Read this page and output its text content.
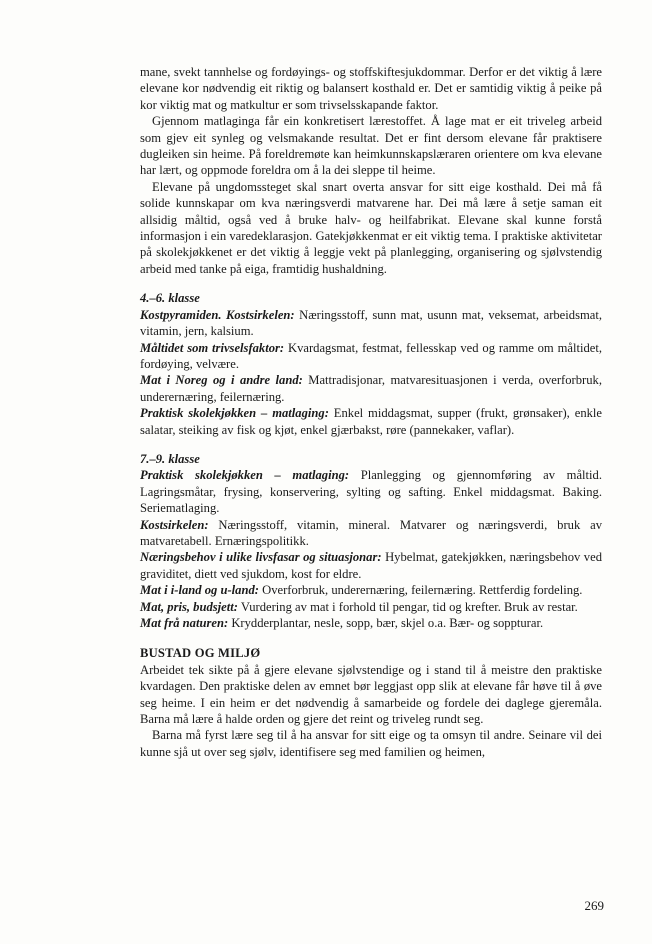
mane, svekt tannhelse og fordøyings- og stoffskiftesjukdommar. Derfor er det viktig å lære elevane kor nødvendig eit riktig og balansert kosthald er. Det er samtidig viktig å peike på kor viktig mat og matkultur er som trivselsskapande faktor.

Gjennom matlaginga får ein konkretisert lærestoffet. Å lage mat er eit triveleg arbeid som gjev eit synleg og velsmakande resultat. Det er fint dersom elevane får praktisere dugleiken sin heime. På foreldremøte kan heimkunnskapslæraren orientere om kva elevane har lært, og oppmode foreldra om å la dei sleppe til heime.

Elevane på ungdomssteget skal snart overta ansvar for sitt eige kosthald. Dei må få solide kunnskapar om kva næringsverdi matvarene har. Dei må lære å setje saman eit allsidig måltid, også ved å bruke halv- og heilfabrikat. Elevane skal kunne forstå informasjon i ein varedeklarasjon. Gatekjøkkenmat er eit viktig tema. I praktiske aktivitetar på skolekjøkkenet er det viktig å leggje vekt på planlegging, organisering og sjølvstendig arbeid med tanke på eiga, framtidig hushaldning.

4.–6. klasse

Kostpyramiden. Kostsirkelen: Næringsstoff, sunn mat, usunn mat, veksemat, arbeidsmat, vitamin, jern, kalsium.

Måltidet som trivselsfaktor: Kvardagsmat, festmat, fellesskap ved og ramme om måltidet, fordøying, velvære.

Mat i Noreg og i andre land: Mattradisjonar, matvaresituasjonen i verda, overforbruk, underernæring, feilernæring.

Praktisk skolekjøkken – matlaging: Enkel middagsmat, supper (frukt, grønsaker), enkle salatar, steiking av fisk og kjøt, enkel gjærbakst, røre (pannekaker, vaflar).

7.–9. klasse

Praktisk skolekjøkken – matlaging: Planlegging og gjennomføring av måltid. Lagringsmåtar, frysing, konservering, sylting og safting. Enkel middagsmat. Baking. Seriematlaging.

Kostsirkelen: Næringsstoff, vitamin, mineral. Matvarer og næringsverdi, bruk av matvaretabell. Ernæringspolitikk.

Næringsbehov i ulike livsfasar og situasjonar: Hybelmat, gatekjøkken, næringsbehov ved graviditet, diett ved sjukdom, kost for eldre.

Mat i i-land og u-land: Overforbruk, underernæring, feilernæring. Rettferdig fordeling.

Mat, pris, budsjett: Vurdering av mat i forhold til pengar, tid og krefter. Bruk av restar.

Mat frå naturen: Krydderplantar, nesle, sopp, bær, skjel o.a. Bær- og soppturar.

BUSTAD OG MILJØ

Arbeidet tek sikte på å gjere elevane sjølvstendige og i stand til å meistre den praktiske kvardagen. Den praktiske delen av emnet bør leggjast opp slik at elevane får høve til å øve seg heime. I ein heim er det nødvendig å samarbeide og fordele dei daglege gjeremåla. Barna må lære å halde orden og gjere det reint og triveleg rundt seg.

Barna må fyrst lære seg til å ha ansvar for sitt eige og ta omsyn til andre. Seinare vil dei kunne sjå ut over seg sjølv, identifisere seg med familien og heimen,

269
